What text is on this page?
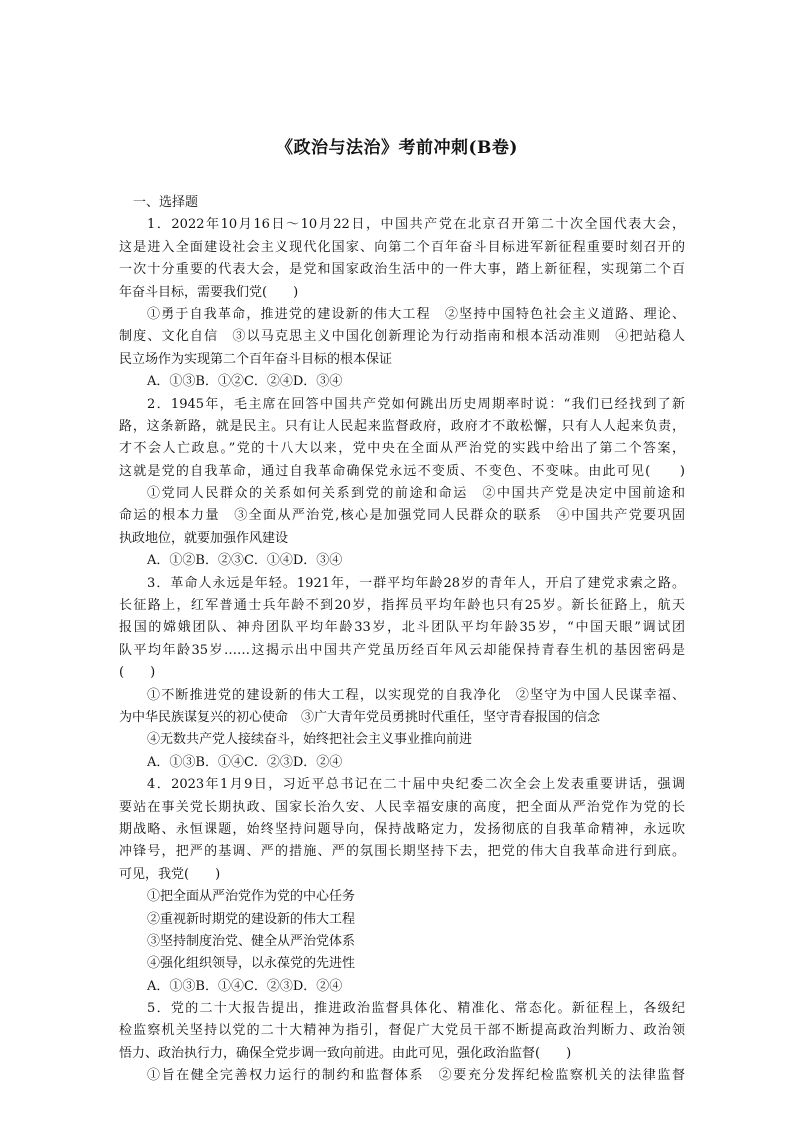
《政治与法治》考前冲刺(B卷)
一、选择题
1．2022年10月16日～10月22日，中国共产党在北京召开第二十次全国代表大会，
这是进入全面建设社会主义现代化国家、向第二个百年奋斗目标进军新征程重要时刻召开的
一次十分重要的代表大会，是党和国家政治生活中的一件大事，踏上新征程，实现第二个百
年奋斗目标，需要我们党(　　)
①勇于自我革命，推进党的建设新的伟大工程　②坚持中国特色社会主义道路、理论、
制度、文化自信　③以马克思主义中国化创新理论为行动指南和根本活动准则　④把站稳人
民立场作为实现第二个百年奋斗目标的根本保证
A．①③B．①②C．②④D．③④
2．1945年，毛主席在回答中国共产党如何跳出历史周期率时说：“我们已经找到了新
路，这条新路，就是民主。只有让人民起来监督政府，政府才不敢松懈，只有人人起来负责，
才不会人亡政息。”党的十八大以来，党中央在全面从严治党的实践中给出了第二个答案，
这就是党的自我革命，通过自我革命确保党永远不变质、不变色、不变味。由此可见(　　)
①党同人民群众的关系如何关系到党的前途和命运　②中国共产党是决定中国前途和
命运的根本力量　③全面从严治党,核心是加强党同人民群众的联系　④中国共产党要巩固
执政地位，就要加强作风建设
A．①②B．②③C．①④D．③④
3．革命人永远是年轻。1921年，一群平均年龄28岁的青年人，开启了建党求索之路。
长征路上，红军普通士兵年龄不到20岁，指挥员平均年龄也只有25岁。新长征路上，航天
报国的嫦娥团队、神舟团队平均年龄33岁，北斗团队平均年龄35岁，“中国天眼”调试团
队平均年龄35岁……这揭示出中国共产党虽历经百年风云却能保持青春生机的基因密码是
(　　)
①不断推进党的建设新的伟大工程，以实现党的自我净化　②坚守为中国人民谋幸福、
为中华民族谋复兴的初心使命　③广大青年党员勇挑时代重任，坚守青春报国的信念
④无数共产党人接续奋斗，始终把社会主义事业推向前进
A．①③B．①④C．②③D．②④
4．2023年1月9日，习近平总书记在二十届中央纪委二次全会上发表重要讲话，强调
要站在事关党长期执政、国家长治久安、人民幸福安康的高度，把全面从严治党作为党的长
期战略、永恒课题，始终坚持问题导向，保持战略定力，发扬彻底的自我革命精神，永远吹
冲锋号，把严的基调、严的措施、严的氛围长期坚持下去，把党的伟大自我革命进行到底。
可见，我党(　　)
①把全面从严治党作为党的中心任务
②重视新时期党的建设新的伟大工程
③坚持制度治党、健全从严治党体系
④强化组织领导，以永葆党的先进性
A．①③B．①④C．②③D．②④
5．党的二十大报告提出，推进政治监督具体化、精准化、常态化。新征程上，各级纪
检监察机关坚持以党的二十大精神为指引，督促广大党员干部不断提高政治判断力、政治领
悟力、政治执行力，确保全党步调一致向前进。由此可见，强化政治监督(　　)
①旨在健全完善权力运行的制约和监督体系　②要充分发挥纪检监察机关的法律监督
